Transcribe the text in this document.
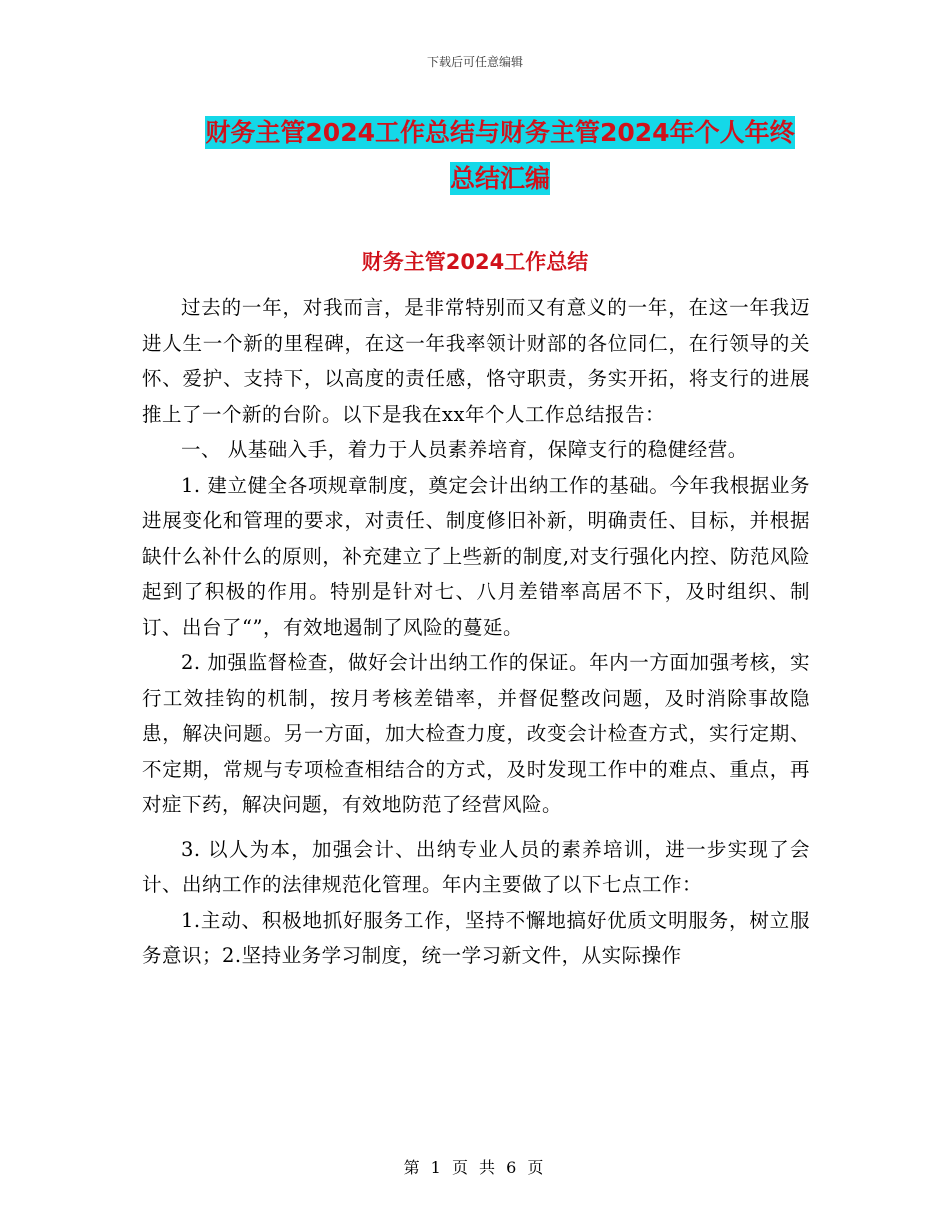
下载后可任意编辑
财务主管2024工作总结与财务主管2024年个人年终
总结汇编
财务主管2024工作总结

过去的一年，对我而言，是非常特别而又有意义的一年，在这一年我迈进人生一个新的里程碑，在这一年我率领计财部的各位同仁，在行领导的关怀、爱护、支持下，以高度的责任感，恪守职责，务实开拓，将支行的进展推上了一个新的台阶。以下是我在xx年个人工作总结报告：

一、 从基础入手，着力于人员素养培育，保障支行的稳健经营。

1. 建立健全各项规章制度，奠定会计出纳工作的基础。今年我根据业务进展变化和管理的要求，对责任、制度修旧补新，明确责任、目标，并根据缺什么补什么的原则，补充建立了上些新的制度,对支行强化内控、防范风险起到了积极的作用。特别是针对七、八月差错率高居不下，及时组织、制订、出台了“”，有效地遏制了风险的蔓延。

2. 加强监督检查，做好会计出纳工作的保证。年内一方面加强考核，实行工效挂钩的机制，按月考核差错率，并督促整改问题，及时消除事故隐患，解决问题。另一方面，加大检查力度，改变会计检查方式，实行定期、不定期，常规与专项检查相结合的方式，及时发现工作中的难点、重点，再对症下药，解决问题，有效地防范了经营风险。

3. 以人为本，加强会计、出纳专业人员的素养培训，进一步实现了会计、出纳工作的法律规范化管理。年内主要做了以下七点工作：

1.主动、积极地抓好服务工作，坚持不懈地搞好优质文明服务，树立服务意识；2.坚持业务学习制度，统一学习新文件，从实际操作

第 1 页 共 6 页
